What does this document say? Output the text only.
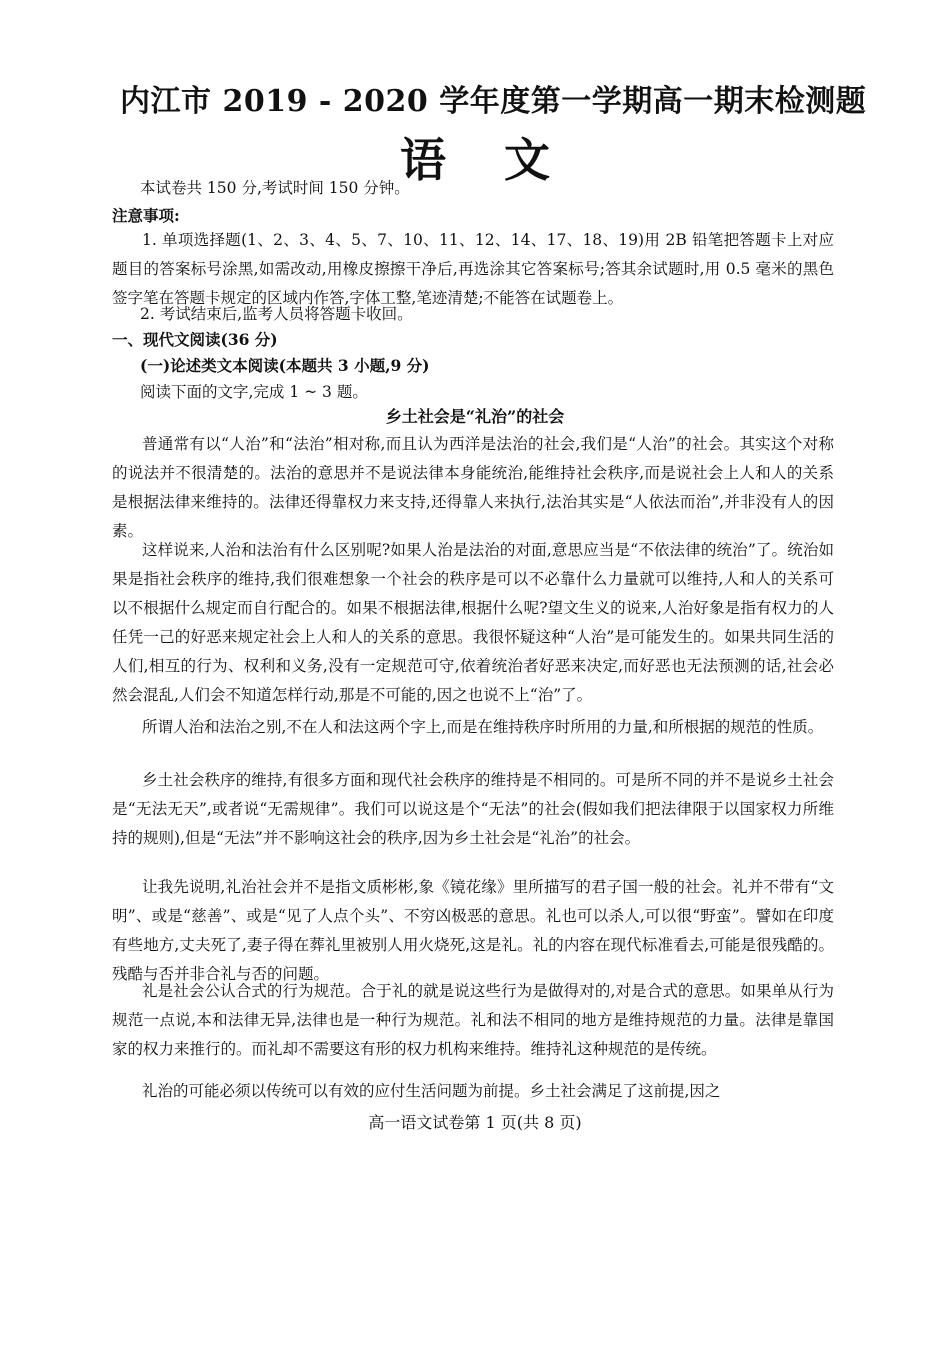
内江市 2019 - 2020 学年度第一学期高一期末检测题
语文
本试卷共 150 分,考试时间 150 分钟。
注意事项:
1. 单项选择题(1、2、3、4、5、7、10、11、12、14、17、18、19)用 2B 铅笔把答题卡上对应题目的答案标号涂黑,如需改动,用橡皮擦擦干净后,再选涂其它答案标号;答其余试题时,用 0.5 毫米的黑色签字笔在答题卡规定的区域内作答,字体工整,笔迹清楚;不能答在试题卷上。
2. 考试结束后,监考人员将答题卡收回。
一、现代文阅读(36 分)
(一)论述类文本阅读(本题共 3 小题,9 分)
阅读下面的文字,完成 1 ~ 3 题。
乡土社会是“礼治”的社会
普通常有以“人治”和“法治”相对称,而且认为西洋是法治的社会,我们是“人治”的社会。其实这个对称的说法并不很清楚的。法治的意思并不是说法律本身能统治,能维持社会秩序,而是说社会上人和人的关系是根据法律来维持的。法律还得靠权力来支持,还得靠人来执行,法治其实是“人依法而治”,并非没有人的因素。
这样说来,人治和法治有什么区别呢?如果人治是法治的对面,意思应当是“不依法律的统治”了。统治如果是指社会秩序的维持,我们很难想象一个社会的秩序是可以不必靠什么力量就可以维持,人和人的关系可以不根据什么规定而自行配合的。如果不根据法律,根据什么呢?望文生义的说来,人治好象是指有权力的人任凭一己的好恶来规定社会上人和人的关系的意思。我很怀疑这种“人治”是可能发生的。如果共同生活的人们,相互的行为、权利和义务,没有一定规范可守,依着统治者好恶来决定,而好恶也无法预测的话,社会必然会混乱,人们会不知道怎样行动,那是不可能的,因之也说不上“治”了。
所谓人治和法治之别,不在人和法这两个字上,而是在维持秩序时所用的力量,和所根据的规范的性质。
乡土社会秩序的维持,有很多方面和现代社会秩序的维持是不相同的。可是所不同的并不是说乡土社会是“无法无天”,或者说“无需规律”。我们可以说这是个“无法”的社会(假如我们把法律限于以国家权力所维持的规则),但是“无法”并不影响这社会的秩序,因为乡土社会是“礼治”的社会。
让我先说明,礼治社会并不是指文质彬彬,象《镜花缘》里所描写的君子国一般的社会。礼并不带有“文明”、或是“慈善”、或是“见了人点个头”、不穷凶极恶的意思。礼也可以杀人,可以很“野蛮”。譬如在印度有些地方,丈夫死了,妻子得在葬礼里被别人用火烧死,这是礼。礼的内容在现代标准看去,可能是很残酷的。残酷与否并非合礼与否的问题。
礼是社会公认合式的行为规范。合于礼的就是说这些行为是做得对的,对是合式的意思。如果单从行为规范一点说,本和法律无异,法律也是一种行为规范。礼和法不相同的地方是维持规范的力量。法律是靠国家的权力来推行的。而礼却不需要这有形的权力机构来维持。维持礼这种规范的是传统。
礼治的可能必须以传统可以有效的应付生活问题为前提。乡土社会满足了这前提,因之
高一语文试卷第 1 页(共 8 页)
